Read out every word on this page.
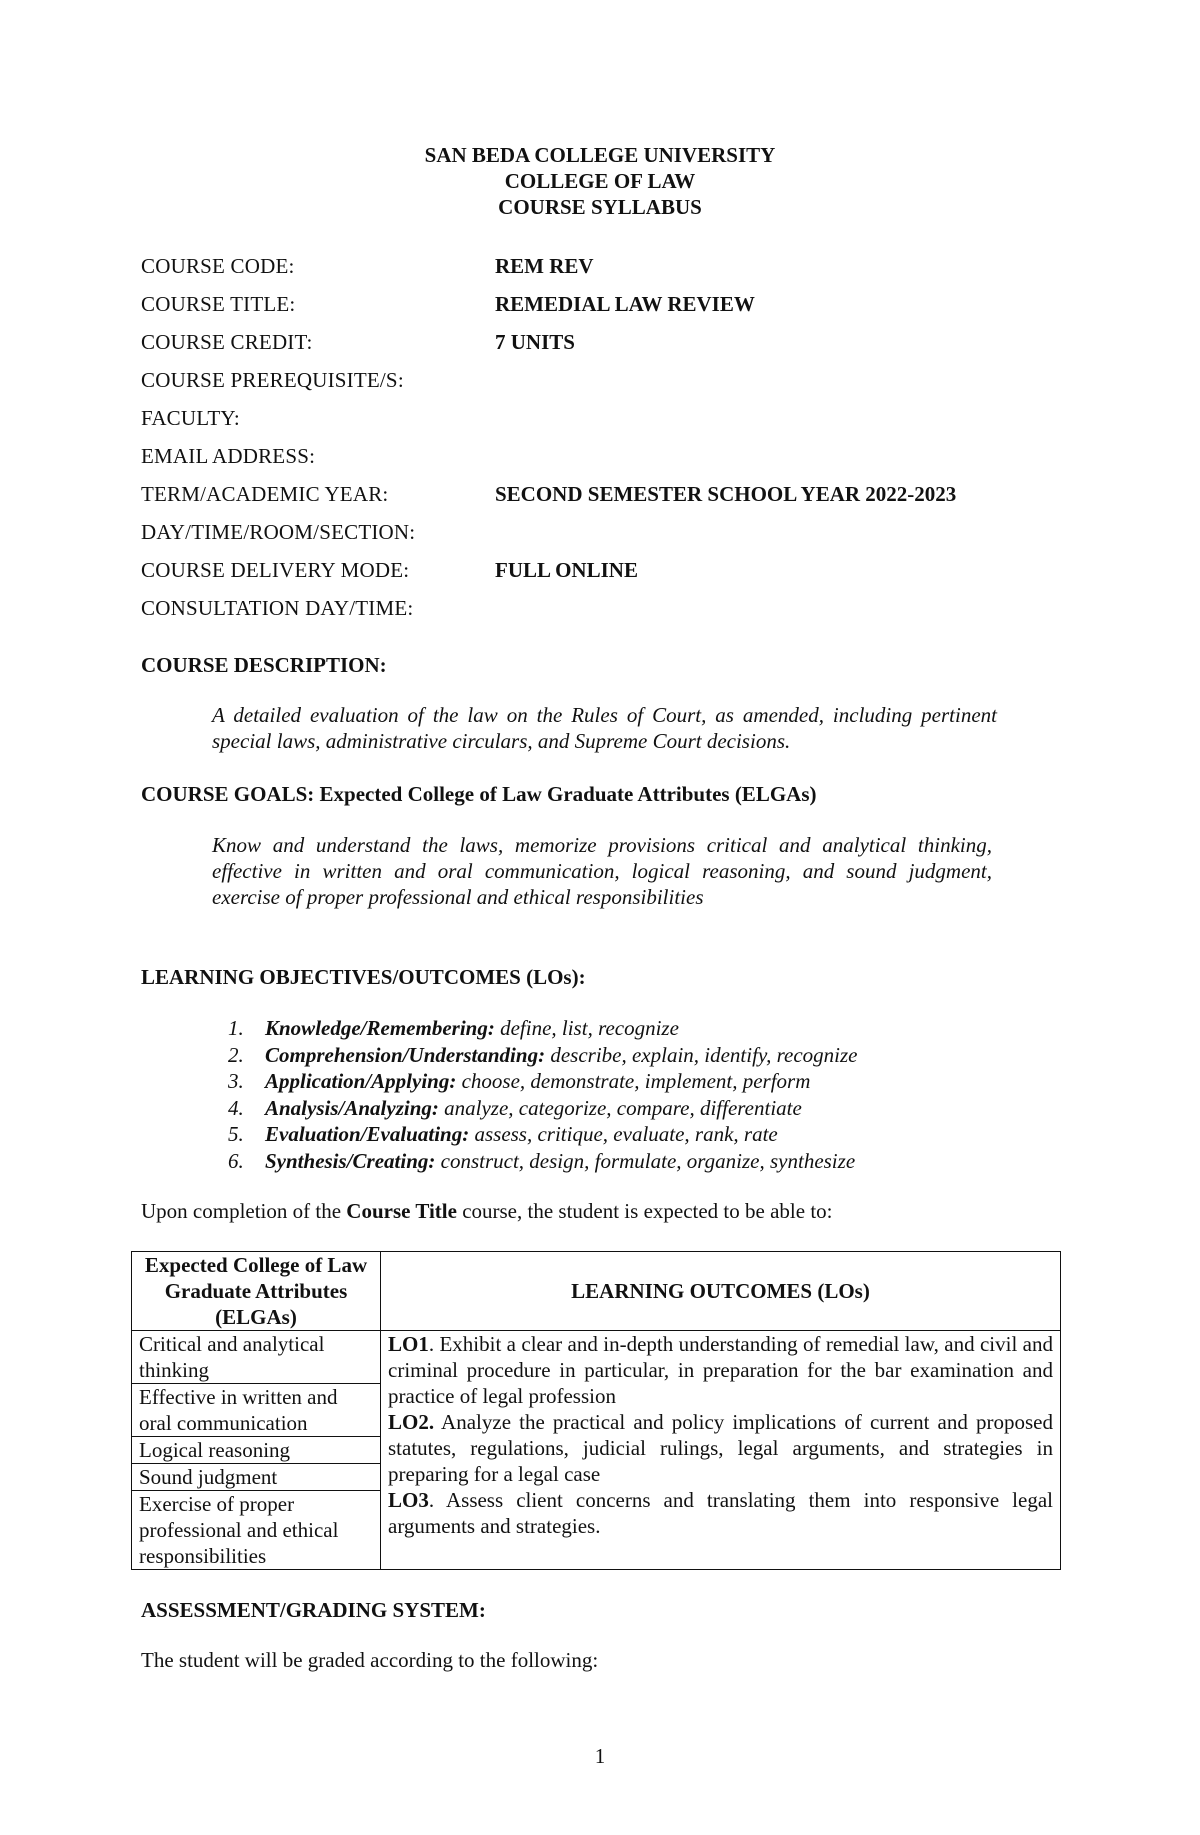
SAN BEDA COLLEGE UNIVERSITY
COLLEGE OF LAW
COURSE SYLLABUS
COURSE CODE:	REM REV
COURSE TITLE:	REMEDIAL LAW REVIEW
COURSE CREDIT:	7 UNITS
COURSE PREREQUISITE/S:
FACULTY:
EMAIL ADDRESS:
TERM/ACADEMIC YEAR:	SECOND SEMESTER SCHOOL YEAR 2022-2023
DAY/TIME/ROOM/SECTION:
COURSE DELIVERY MODE:	FULL ONLINE
CONSULTATION DAY/TIME:
COURSE DESCRIPTION:
A detailed evaluation of the law on the Rules of Court, as amended, including pertinent special laws, administrative circulars, and Supreme Court decisions.
COURSE GOALS: Expected College of Law Graduate Attributes (ELGAs)
Know and understand the laws, memorize provisions critical and analytical thinking, effective in written and oral communication, logical reasoning, and sound judgment, exercise of proper professional and ethical responsibilities
LEARNING OBJECTIVES/OUTCOMES (LOs):
1.	Knowledge/Remembering: define, list, recognize
2.	Comprehension/Understanding: describe, explain, identify, recognize
3.	Application/Applying: choose, demonstrate, implement, perform
4.	Analysis/Analyzing: analyze, categorize, compare, differentiate
5.	Evaluation/Evaluating: assess, critique, evaluate, rank, rate
6.	Synthesis/Creating: construct, design, formulate, organize, synthesize
Upon completion of the Course Title course, the student is expected to be able to:
Expected College of Law Graduate Attributes (ELGAs)	LEARNING OUTCOMES (LOs)
Critical and analytical thinking	LO1. Exhibit a clear and in-depth understanding of remedial law, and civil and criminal procedure in particular, in preparation for the bar examination and practice of legal profession

LO2. Analyze the practical and policy implications of current and proposed statutes, regulations, judicial rulings, legal arguments, and strategies in preparing for a legal case

LO3. Assess client concerns and translating them into responsive legal arguments and strategies.

Effective in written and oral communication	
Logical reasoning	
Sound judgment	
Exercise of proper professional and ethical responsibilities	
ASSESSMENT/GRADING SYSTEM:
The student will be graded according to the following:
1
